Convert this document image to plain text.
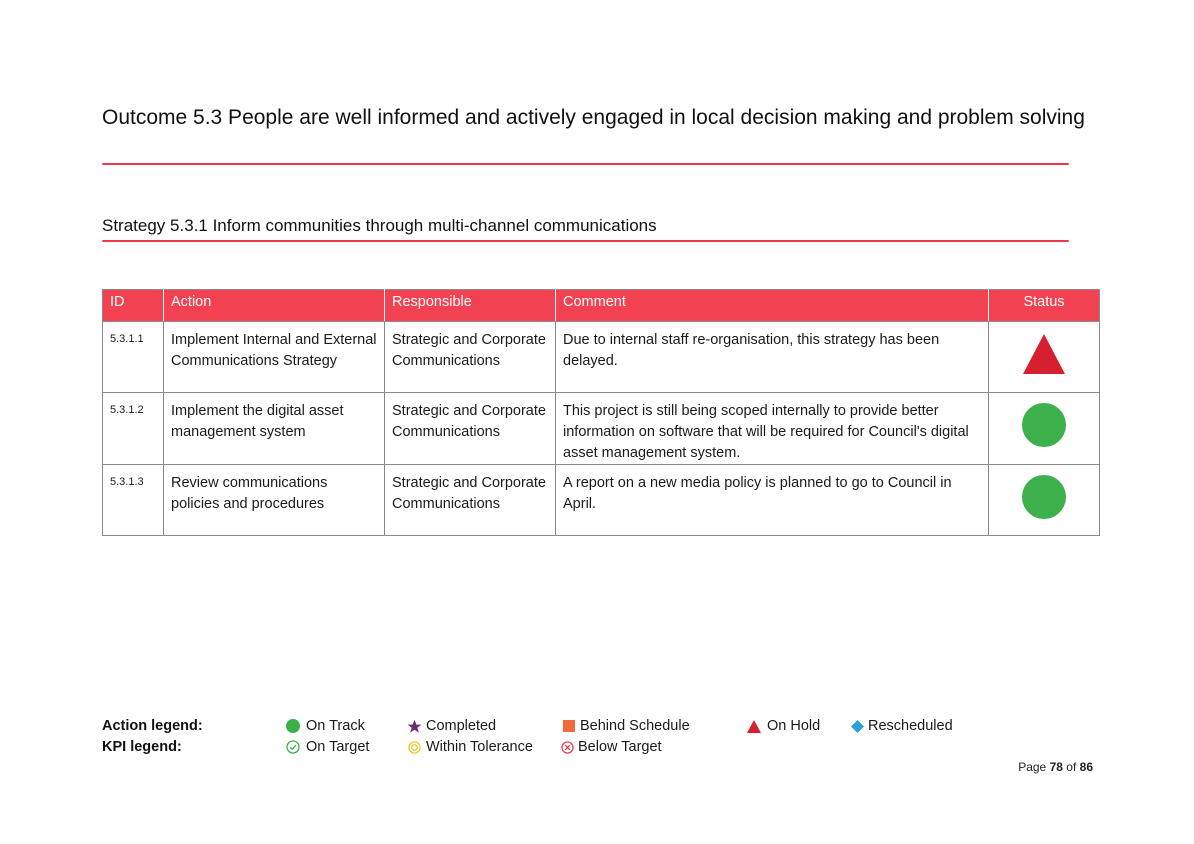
Outcome 5.3 People are well informed and actively engaged in local decision making and problem solving
Strategy 5.3.1 Inform communities through multi-channel communications
ID	Action	Responsible	Comment	Status
5.3.1.1	Implement Internal and External Communications Strategy	Strategic and Corporate Communications	Due to internal staff re-organisation, this strategy has been delayed.	
5.3.1.2	Implement the digital asset management system	Strategic and Corporate Communications	This project is still being scoped internally to provide better information on software that will be required for Council's digital asset management system.	
5.3.1.3	Review communications policies and procedures	Strategic and Corporate Communications	A report on a new media policy is planned to go to Council in April.	
Action legend:
KPI legend:
On Track	Completed	Behind Schedule	On Hold	Rescheduled
On Target	Within Tolerance	Below Target
Page 78 of 86
